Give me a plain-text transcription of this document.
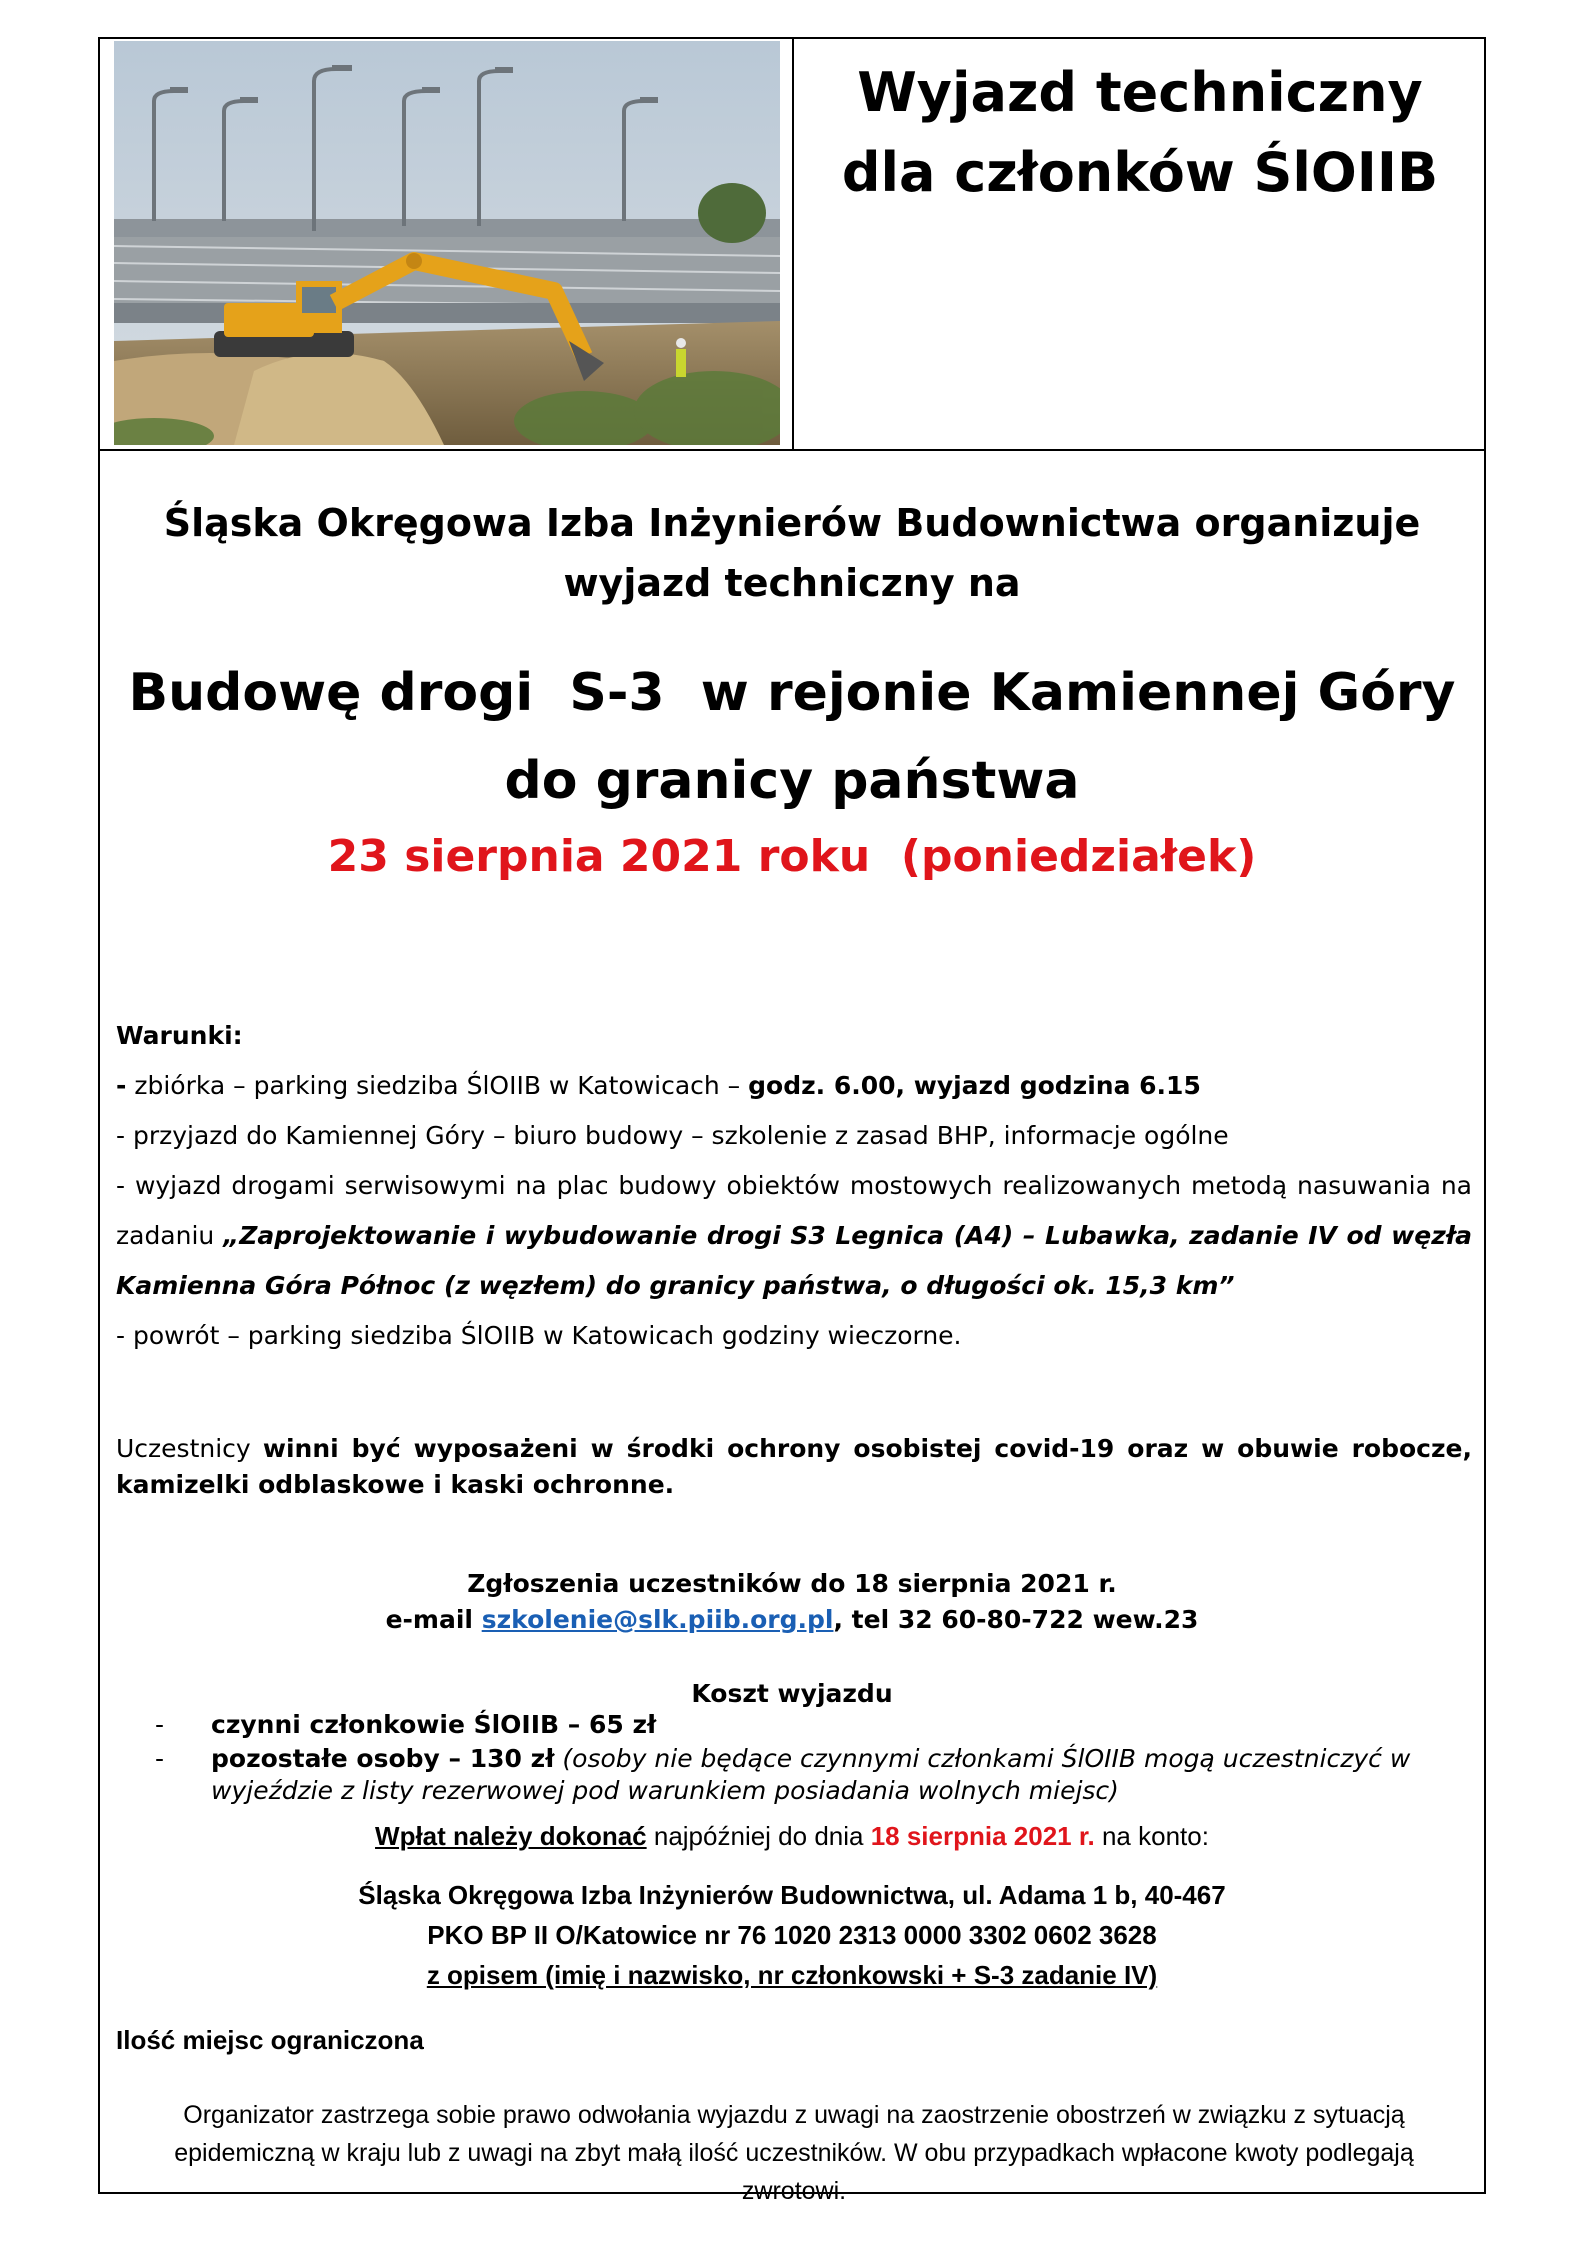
Wyjazd techniczny
dla członków ŚlOIIB
Śląska Okręgowa Izba Inżynierów Budownictwa organizuje
wyjazd techniczny na
Budowę drogi  S-3  w rejonie Kamiennej Góry
do granicy państwa
23 sierpnia 2021 roku  (poniedziałek)

Warunki:

- zbiórka – parking siedziba ŚlOIIB w Katowicach – godz. 6.00, wyjazd godzina 6.15

- przyjazd do Kamiennej Góry – biuro budowy – szkolenie z zasad BHP, informacje ogólne

- wyjazd drogami serwisowymi na plac budowy obiektów mostowych realizowanych metodą nasuwania na zadaniu „Zaprojektowanie i wybudowanie drogi S3 Legnica (A4) – Lubawka, zadanie IV od węzła Kamienna Góra Północ (z węzłem) do granicy państwa, o długości ok. 15,3 km”

- powrót – parking siedziba ŚlOIIB w Katowicach godziny wieczorne.

Uczestnicy winni być wyposażeni w środki ochrony osobistej covid-19 oraz w obuwie robocze, kamizelki odblaskowe i kaski ochronne.
Zgłoszenia uczestników do 18 sierpnia 2021 r.
e-mail szkolenie@slk.piib.org.pl, tel 32 60-80-722 wew.23
Koszt wyjazdu
- czynni członkowie ŚlOIIB – 65 zł
- pozostałe osoby – 130 zł (osoby nie będące czynnymi członkami ŚlOIIB mogą uczestniczyć w wyjeździe z listy rezerwowej pod warunkiem posiadania wolnych miejsc)
Wpłat należy dokonać najpóźniej do dnia 18 sierpnia 2021 r. na konto:
Śląska Okręgowa Izba Inżynierów Budownictwa, ul. Adama 1 b, 40-467
PKO BP II O/Katowice nr 76 1020 2313 0000 3302 0602 3628
z opisem (imię i nazwisko, nr członkowski + S-3 zadanie IV)
Ilość miejsc ograniczona
Organizator zastrzega sobie prawo odwołania wyjazdu z uwagi na zaostrzenie obostrzeń w związku z sytuacją epidemiczną w kraju lub z uwagi na zbyt małą ilość uczestników. W obu przypadkach wpłacone kwoty podlegają zwrotowi.
